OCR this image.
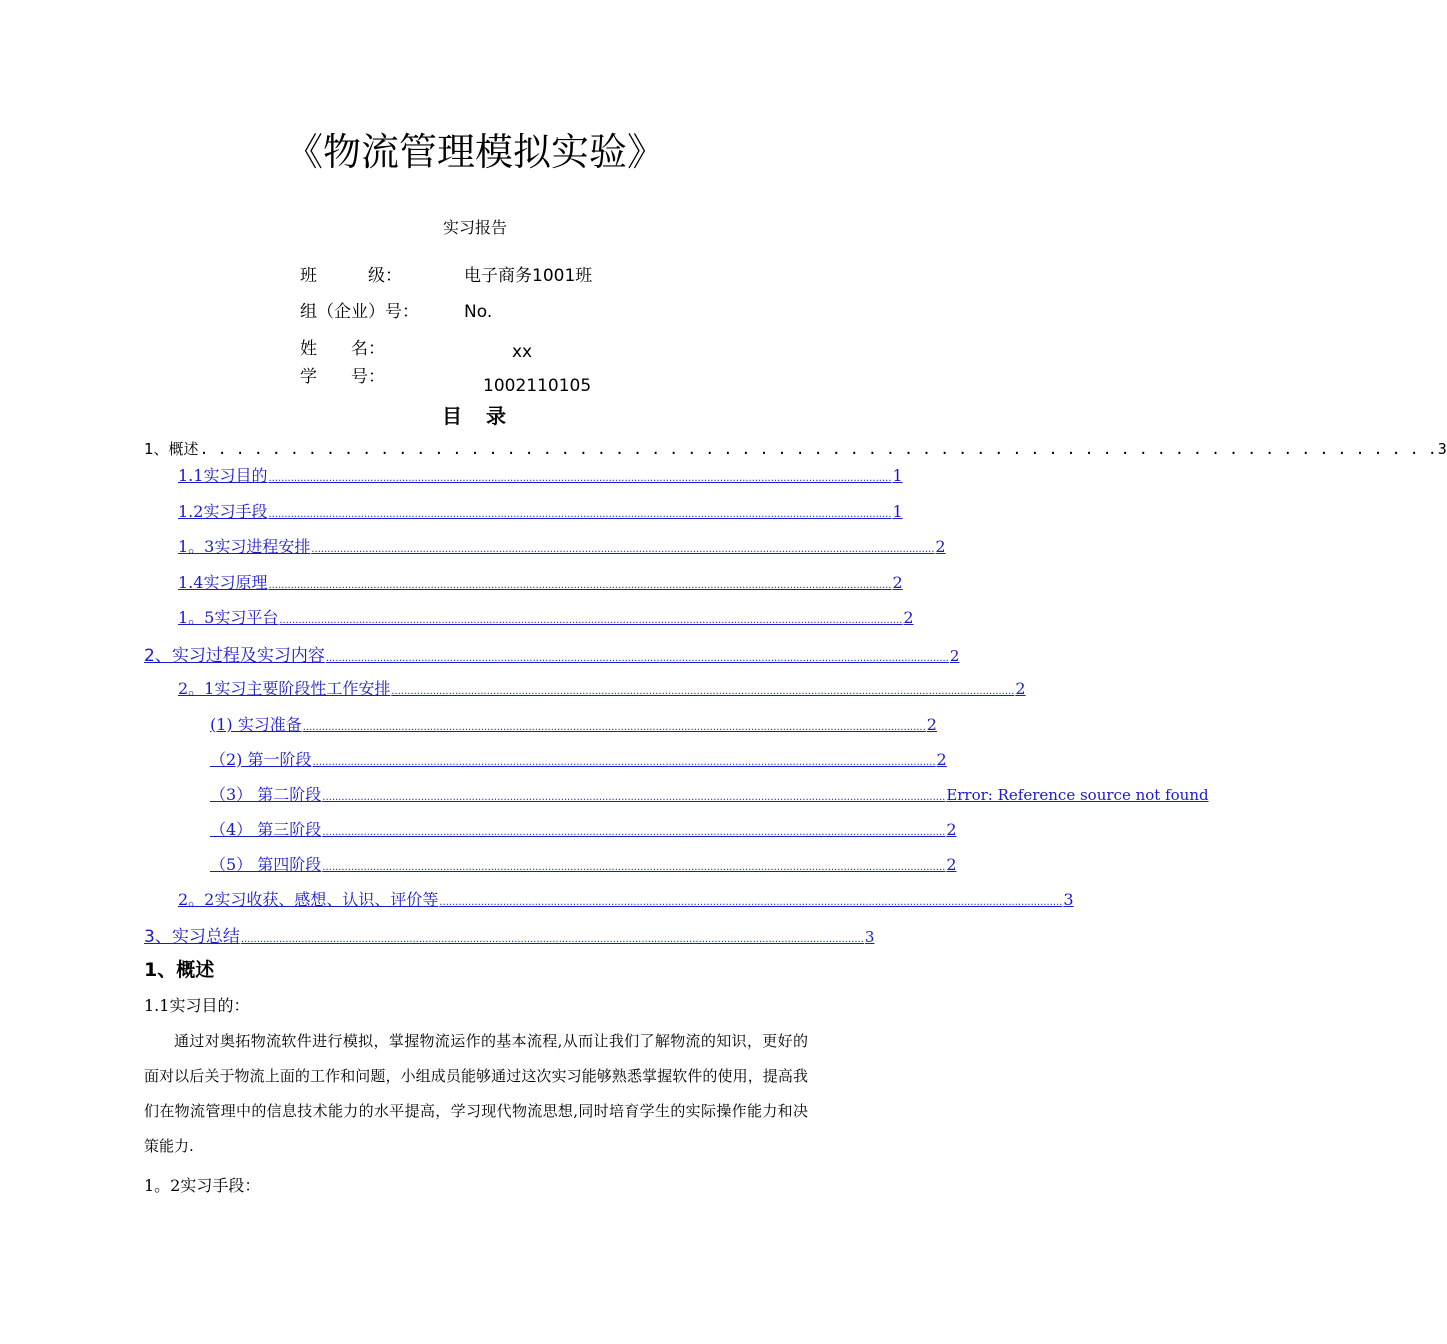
《物流管理模拟实验》
实习报告
班　　　级：	电子商务1001班
组（企业）号：	No.
姓　　名：	xx
学　　号：	1002110105
目　录
1、概述 . . . . . . . . . . . . . . . . . . . . . . . . . . . . . . . . . . . . . . . . . . . . . . . . . . . . . . . . . . . . . . . . . . . . . 3
1.1实习目的 .................................................................................................................................................................................................... 1
1.2实习手段 .................................................................................................................................................................................................... 1
1。3实习进程安排 .................................................................................................................................................................................................... 2
1.4实习原理 .................................................................................................................................................................................................... 2
1。5实习平台 .................................................................................................................................................................................................... 2
2、实习过程及实习内容 .................................................................................................................................................................................................... 2
2。1实习主要阶段性工作安排 .................................................................................................................................................................................................... 2
(1) 实习准备 .................................................................................................................................................................................................... 2
（2) 第一阶段 .................................................................................................................................................................................................... 2
（3） 第二阶段 .................................................................................................................................................................................................... Error: Reference source not found
（4） 第三阶段 .................................................................................................................................................................................................... 2
（5） 第四阶段 .................................................................................................................................................................................................... 2
2。2实习收获、感想、认识、评价等 .................................................................................................................................................................................................... 3
3、实习总结 .................................................................................................................................................................................................... 3
1、概述
1.1实习目的：
通过对奥拓物流软件进行模拟，掌握物流运作的基本流程,从而让我们了解物流的知识，更好的面对以后关于物流上面的工作和问题，小组成员能够通过这次实习能够熟悉掌握软件的使用，提高我们在物流管理中的信息技术能力的水平提高，学习现代物流思想,同时培育学生的实际操作能力和决策能力.
1。2实习手段：
